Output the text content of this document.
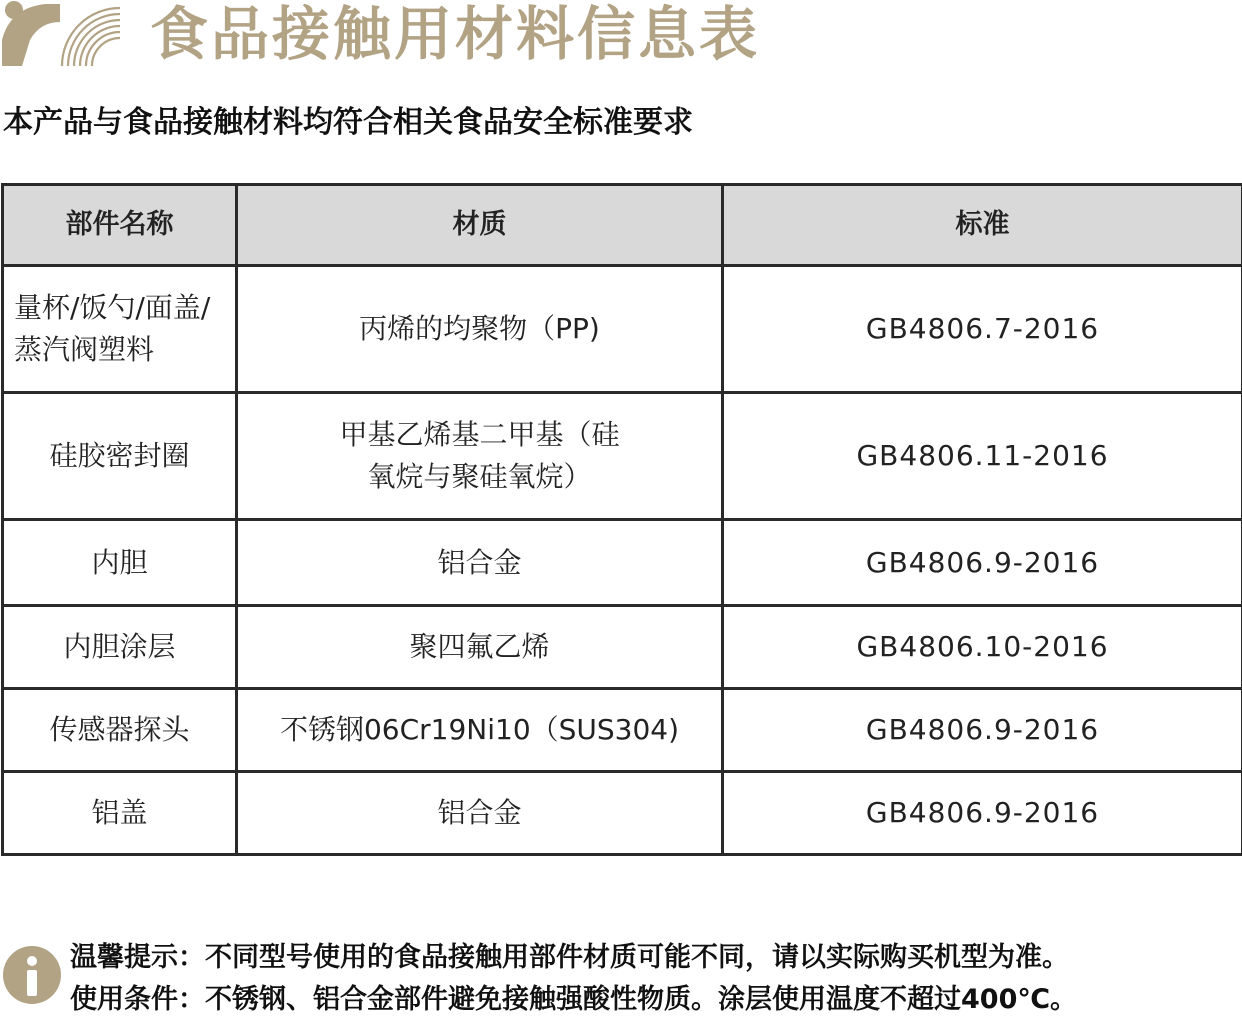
食品接触用材料信息表
本产品与食品接触材料均符合相关食品安全标准要求
部件名称	材质	标准
量杯/饭勺/面盖/蒸汽阀塑料	丙烯的均聚物（PP)	GB4806.7-2016
硅胶密封圈	甲基乙烯基二甲基（硅氧烷与聚硅氧烷）	GB4806.11-2016
内胆	铝合金	GB4806.9-2016
内胆涂层	聚四氟乙烯	GB4806.10-2016
传感器探头	不锈钢06Cr19Ni10（SUS304)	GB4806.9-2016
铝盖	铝合金	GB4806.9-2016
温馨提示：不同型号使用的食品接触用部件材质可能不同，请以实际购买机型为准。
使用条件：不锈钢、铝合金部件避免接触强酸性物质。涂层使用温度不超过400℃。
